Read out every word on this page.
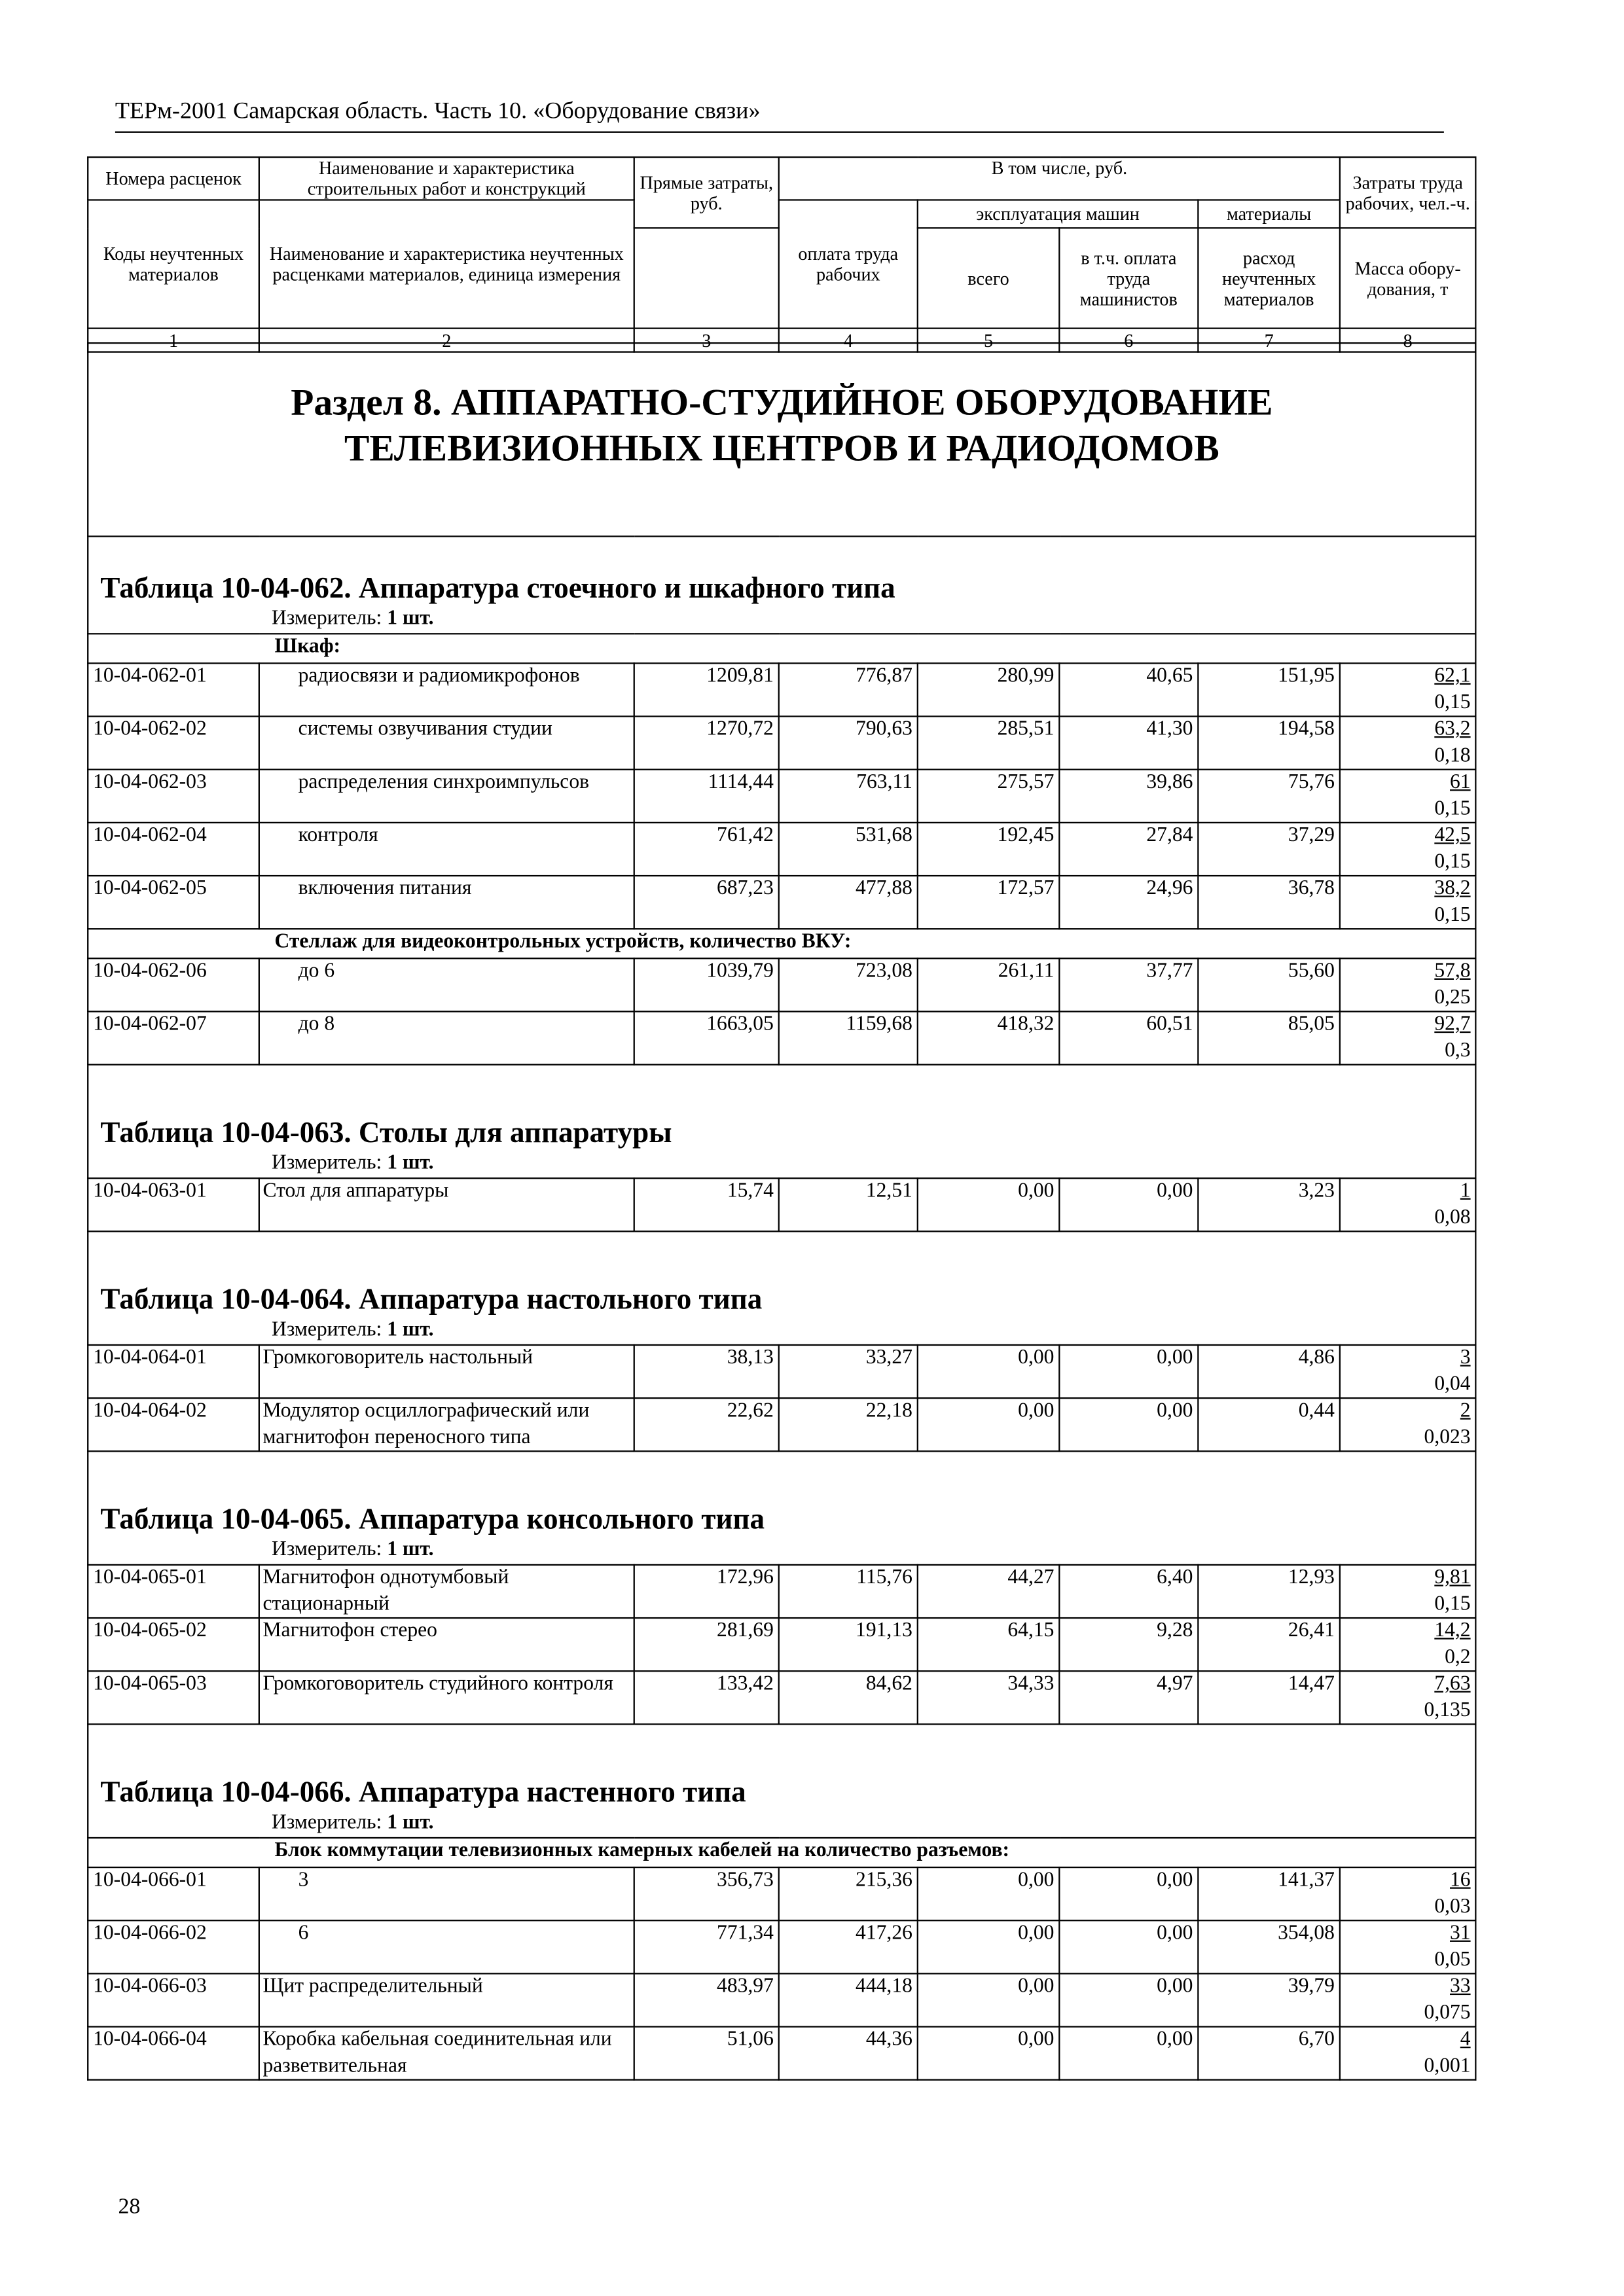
ТЕРм-2001 Самарская область. Часть 10. «Оборудование связи»
Номера расценок	Наименование и характеристика строительных работ и конструкций	Прямые затраты, руб.	В том числе, руб.				Затраты труда рабочих, чел.-ч.
Коды неучтенных материалов	Наименование и характеристика неучтенных расценками материалов, единица измерения		оплата труда рабочих	эксплуатация машин		материалы	
				всего	в т.ч. оплата труда машинистов	расход неучтенных материалов	Масса обору- дования, т
1	2	3	4	5	6	7	8
Раздел 8. АППАРАТНО-СТУДИЙНОЕ ОБОРУДОВАНИЕ
ТЕЛЕВИЗИОННЫХ ЦЕНТРОВ И РАДИОДОМОВ							

Таблица 10-04-062. Аппаратура стоечного и шкафного типа
Измеритель: 1 шт.							

Шкаф:							
10-04-062-01	радиосвязи и радиомикрофонов	1209,81	776,87	280,99	40,65	151,95	62,1
0,15

10-04-062-02	системы озвучивания студии	1270,72	790,63	285,51	41,30	194,58	63,2
0,18

10-04-062-03	распределения синхроимпульсов	1114,44	763,11	275,57	39,86	75,76	61
0,15

10-04-062-04	контроля	761,42	531,68	192,45	27,84	37,29	42,5
0,15

10-04-062-05	включения питания	687,23	477,88	172,57	24,96	36,78	38,2
0,15

Стеллаж для видеоконтрольных устройств, количество ВКУ:							
10-04-062-06	до 6	1039,79	723,08	261,11	37,77	55,60	57,8
0,25

10-04-062-07	до 8	1663,05	1159,68	418,32	60,51	85,05	92,7
0,3

Таблица 10-04-063. Столы для аппаратуры
Измеритель: 1 шт.							

10-04-063-01	Стол для аппаратуры	15,74	12,51	0,00	0,00	3,23	1
0,08

Таблица 10-04-064. Аппаратура настольного типа
Измеритель: 1 шт.							

10-04-064-01	Громкоговоритель настольный	38,13	33,27	0,00	0,00	4,86	3
0,04

10-04-064-02	Модулятор осциллографический или магнитофон переносного типа	22,62	22,18	0,00	0,00	0,44	2
0,023

Таблица 10-04-065. Аппаратура консольного типа
Измеритель: 1 шт.							

10-04-065-01	Магнитофон однотумбовый стационарный	172,96	115,76	44,27	6,40	12,93	9,81
0,15

10-04-065-02	Магнитофон стерео	281,69	191,13	64,15	9,28	26,41	14,2
0,2

10-04-065-03	Громкоговоритель студийного контроля	133,42	84,62	34,33	4,97	14,47	7,63
0,135

Таблица 10-04-066. Аппаратура настенного типа
Измеритель: 1 шт.							

Блок коммутации телевизионных камерных кабелей на количество разъемов:							
10-04-066-01	3	356,73	215,36	0,00	0,00	141,37	16
0,03

10-04-066-02	6	771,34	417,26	0,00	0,00	354,08	31
0,05

10-04-066-03	Щит распределительный	483,97	444,18	0,00	0,00	39,79	33
0,075

10-04-066-04	Коробка кабельная соединительная или разветвительная	51,06	44,36	0,00	0,00	6,70	4
0,001
28
